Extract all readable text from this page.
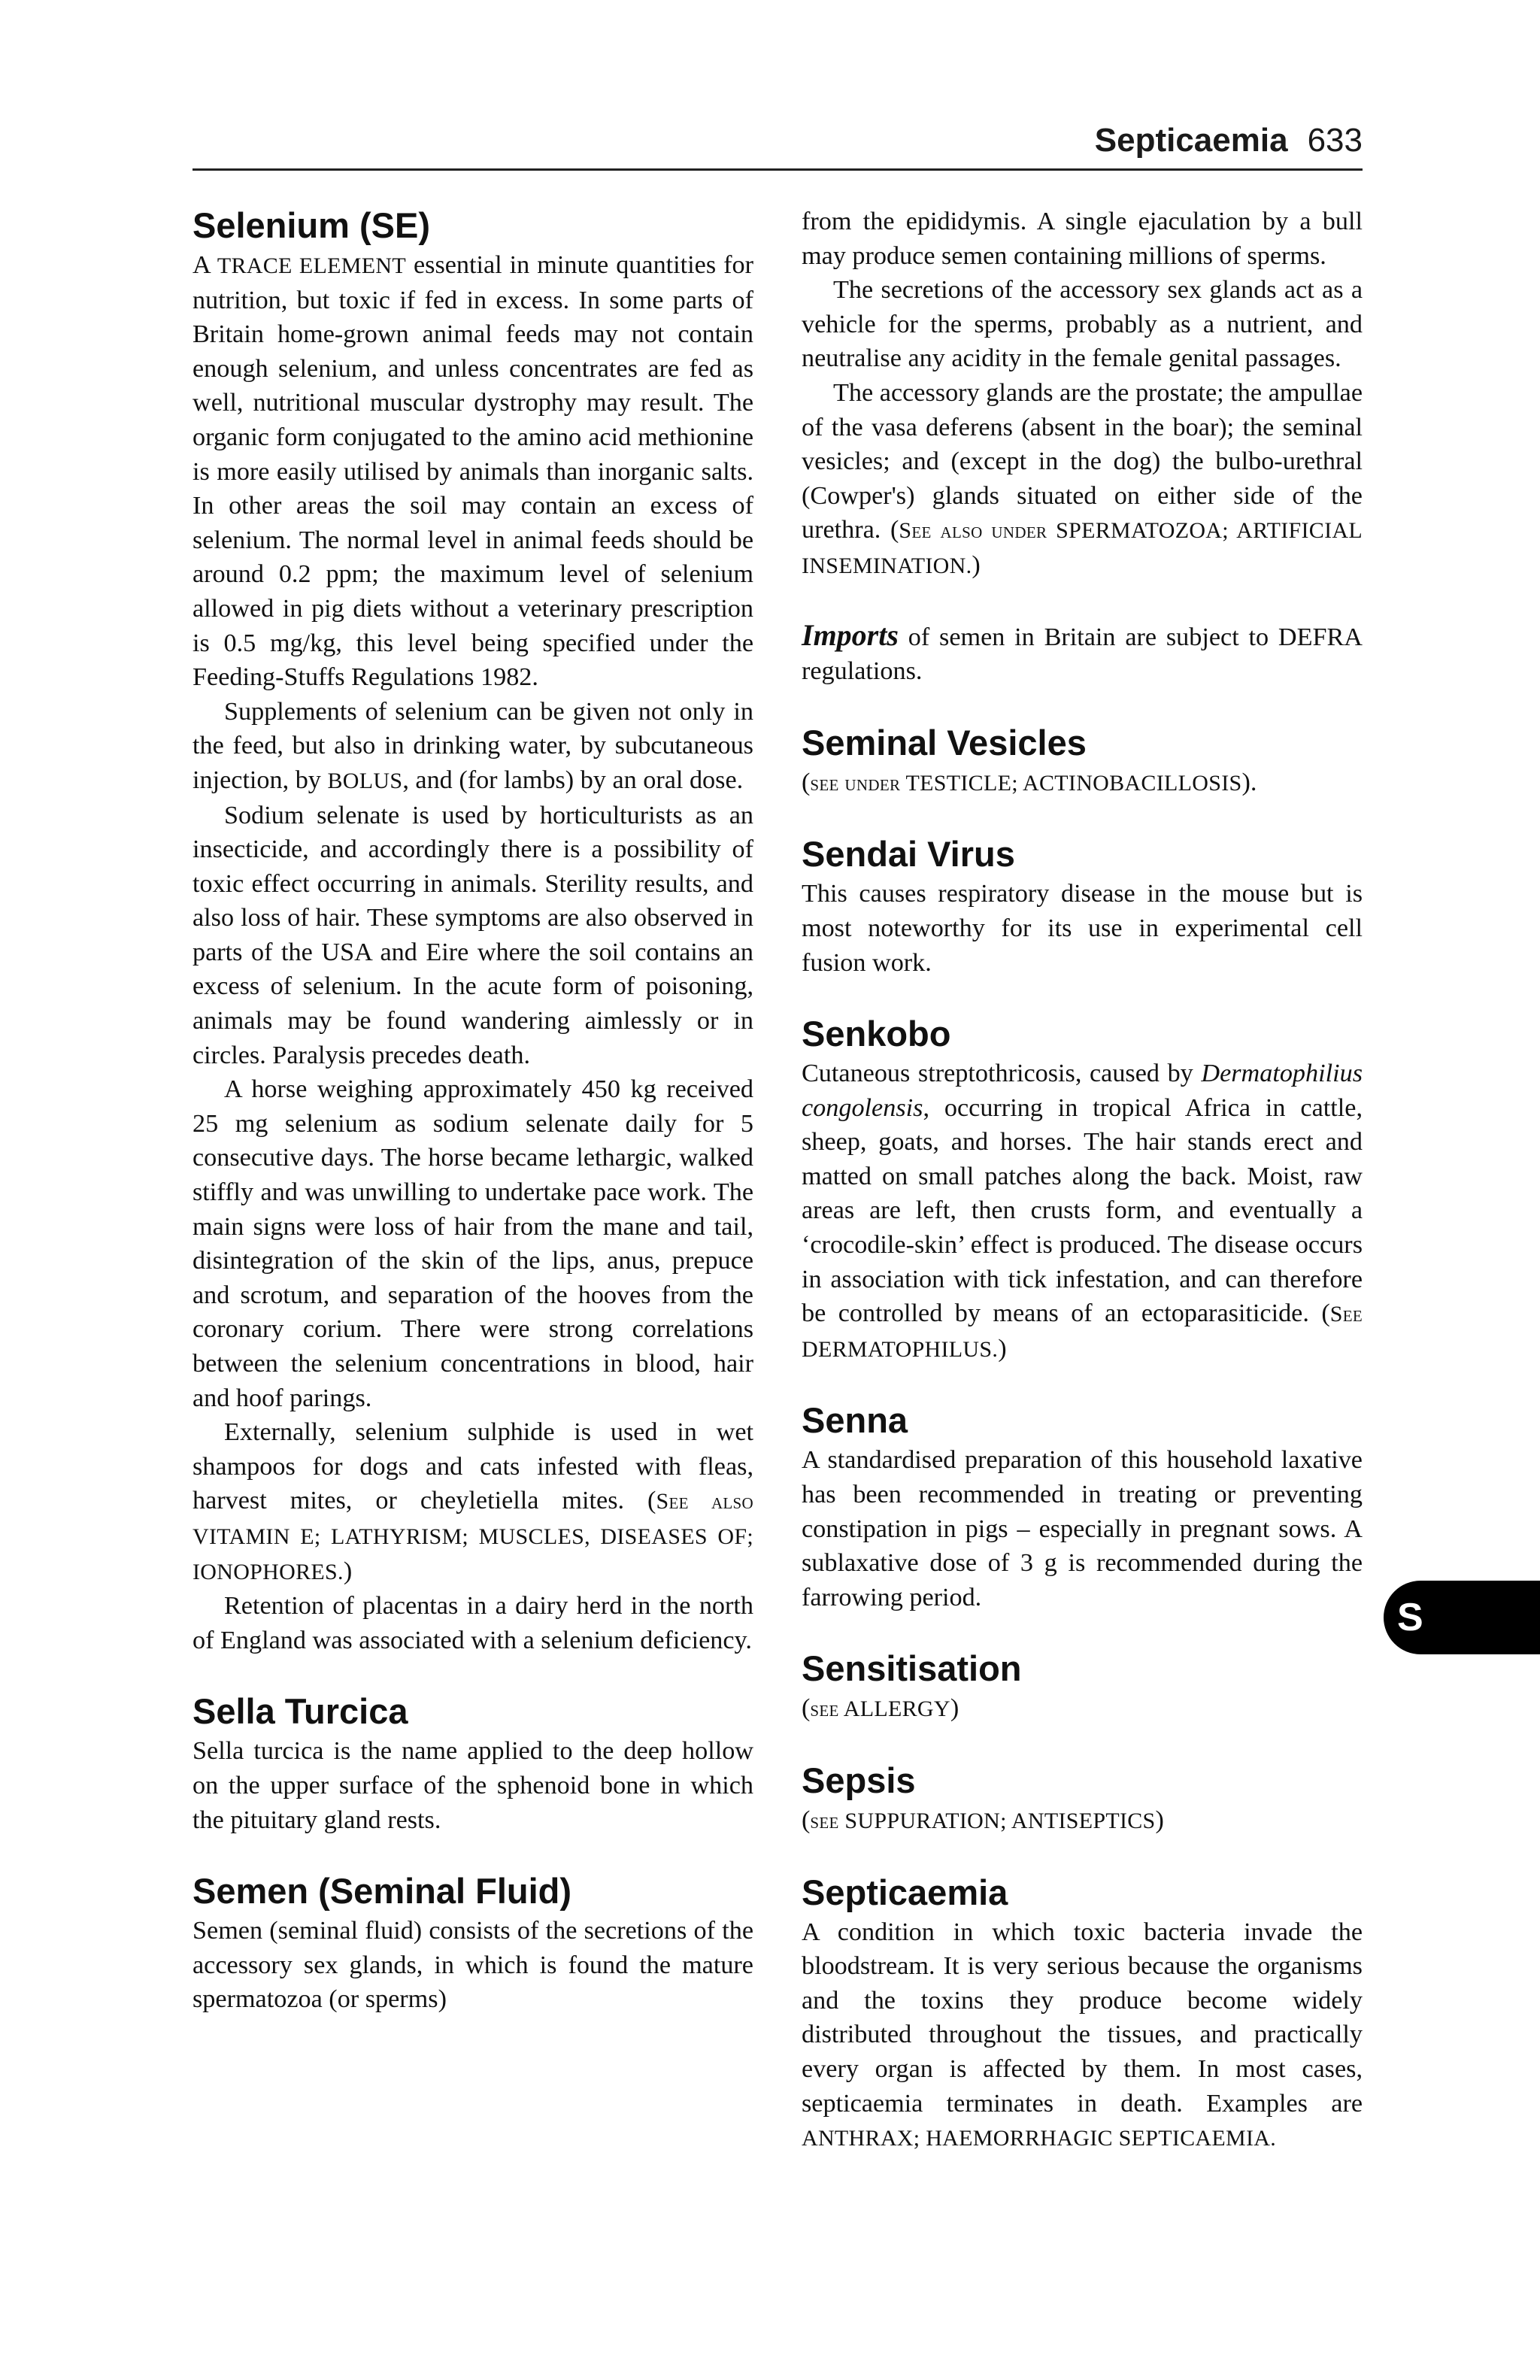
Septicaemia 633
Selenium (SE)

A TRACE ELEMENT essential in minute quantities for nutrition, but toxic if fed in excess. In some parts of Britain home-grown animal feeds may not contain enough selenium, and unless concentrates are fed as well, nutritional muscular dystrophy may result. The organic form conjugated to the amino acid methionine is more easily utilised by animals than inorganic salts. In other areas the soil may contain an excess of selenium. The normal level in animal feeds should be around 0.2 ppm; the maximum level of selenium allowed in pig diets without a veterinary prescription is 0.5 mg/kg, this level being specified under the Feeding-Stuffs Regulations 1982.

Supplements of selenium can be given not only in the feed, but also in drinking water, by subcutaneous injection, by BOLUS, and (for lambs) by an oral dose.

Sodium selenate is used by horticulturists as an insecticide, and accordingly there is a possibility of toxic effect occurring in animals. Sterility results, and also loss of hair. These symptoms are also observed in parts of the USA and Eire where the soil contains an excess of selenium. In the acute form of poisoning, animals may be found wandering aimlessly or in circles. Paralysis precedes death.

A horse weighing approximately 450 kg received 25 mg selenium as sodium selenate daily for 5 consecutive days. The horse became lethargic, walked stiffly and was unwilling to undertake pace work. The main signs were loss of hair from the mane and tail, disintegration of the skin of the lips, anus, prepuce and scrotum, and separation of the hooves from the coronary corium. There were strong correlations between the selenium concentrations in blood, hair and hoof parings.

Externally, selenium sulphide is used in wet shampoos for dogs and cats infested with fleas, harvest mites, or cheyletiella mites. (See also VITAMIN E; LATHYRISM; MUSCLES, DISEASES OF; IONOPHORES.)

Retention of placentas in a dairy herd in the north of England was associated with a selenium deficiency.

Sella Turcica

Sella turcica is the name applied to the deep hollow on the upper surface of the sphenoid bone in which the pituitary gland rests.

Semen (Seminal Fluid)

Semen (seminal fluid) consists of the secretions of the accessory sex glands, in which is found the mature spermatozoa (or sperms)

from the epididymis. A single ejaculation by a bull may produce semen containing millions of sperms.

The secretions of the accessory sex glands act as a vehicle for the sperms, probably as a nutrient, and neutralise any acidity in the female genital passages.

The accessory glands are the prostate; the ampullae of the vasa deferens (absent in the boar); the seminal vesicles; and (except in the dog) the bulbo-urethral (Cowper's) glands situated on either side of the urethra. (See also under SPERMATOZOA; ARTIFICIAL INSEMINATION.)

Imports of semen in Britain are subject to DEFRA regulations.

Seminal Vesicles

(see under TESTICLE; ACTINOBACILLOSIS).

Sendai Virus

This causes respiratory disease in the mouse but is most noteworthy for its use in experimental cell fusion work.

Senkobo

Cutaneous streptothricosis, caused by Dermatophilius congolensis, occurring in tropical Africa in cattle, sheep, goats, and horses. The hair stands erect and matted on small patches along the back. Moist, raw areas are left, then crusts form, and eventually a ‘crocodile-skin’ effect is produced. The disease occurs in association with tick infestation, and can therefore be controlled by means of an ectoparasiticide. (See DERMATOPHILUS.)

Senna

A standardised preparation of this household laxative has been recommended in treating or preventing constipation in pigs – especially in pregnant sows. A sublaxative dose of 3 g is recommended during the farrowing period.

Sensitisation

(see ALLERGY)

Sepsis

(see SUPPURATION; ANTISEPTICS)

Septicaemia

A condition in which toxic bacteria invade the bloodstream. It is very serious because the organisms and the toxins they produce become widely distributed throughout the tissues, and practically every organ is affected by them. In most cases, septicaemia terminates in death. Examples are ANTHRAX; HAEMORRHAGIC SEPTICAEMIA.

S
